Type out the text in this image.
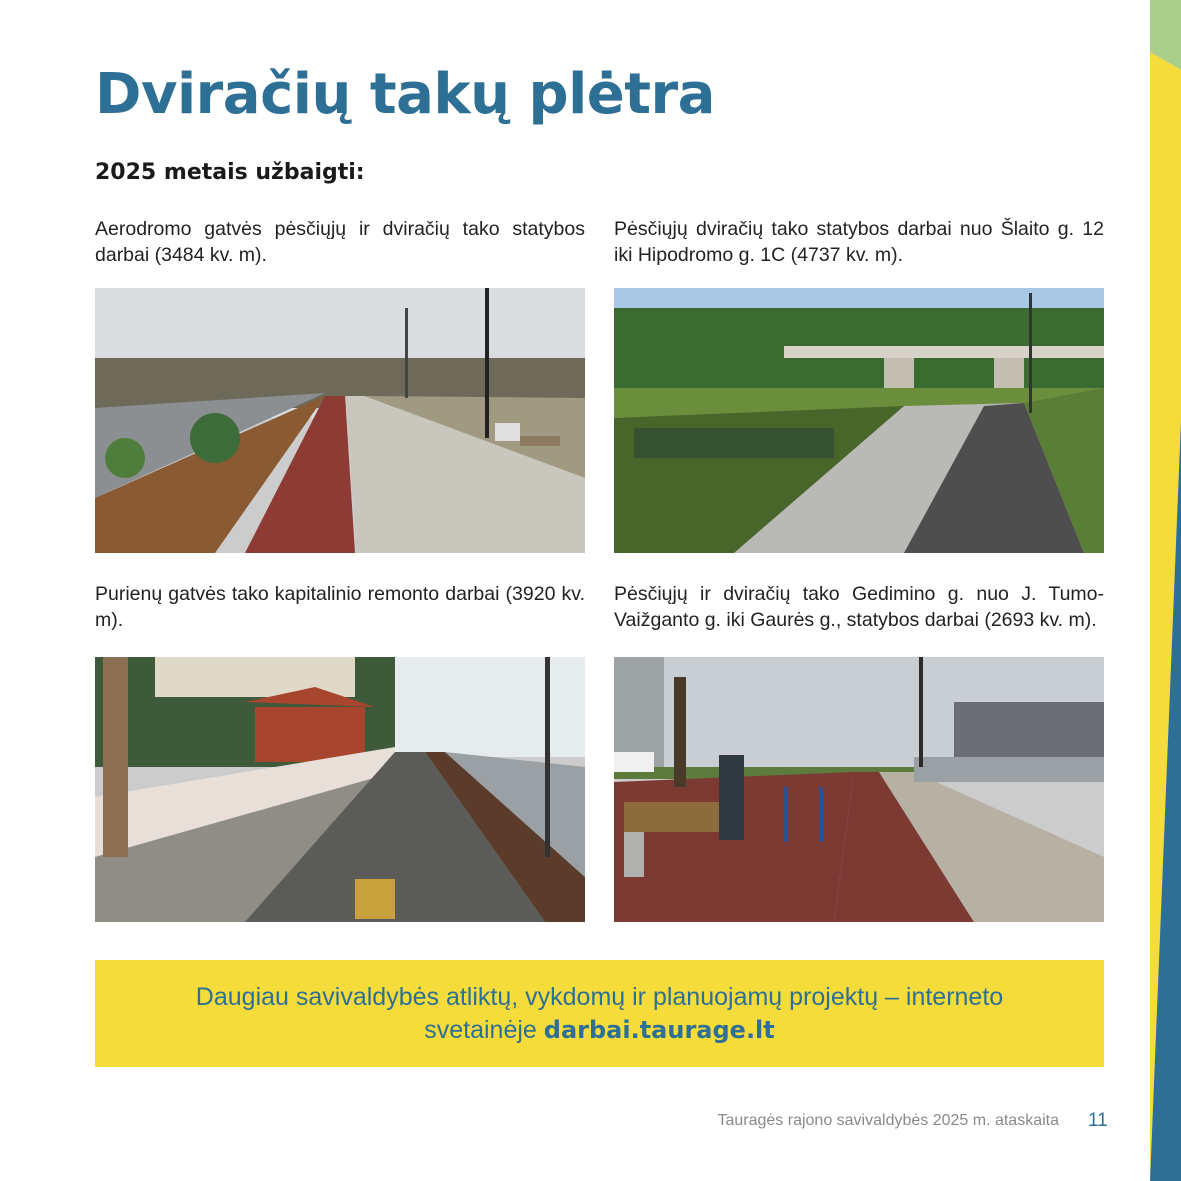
Dviračių takų plėtra
2025 metais užbaigti:

Aerodromo gatvės pėsčiųjų ir dviračių tako statybos darbai (3484 kv. m).

Pėsčiųjų dviračių tako statybos darbai nuo Šlaito g. 12 iki Hipodromo g. 1C (4737 kv. m).

Purienų gatvės tako kapitalinio remonto darbai (3920 kv. m).

Pėsčiųjų ir dviračių tako Gedimino g. nuo J. Tumo-Vaižganto g. iki Gaurės g., statybos darbai (2693 kv. m).

Daugiau savivaldybės atliktų, vykdomų ir planuojamų projektų – interneto
svetainėje darbai.taurage.lt
Tauragės rajono savivaldybės 2025 m. ataskaita 11
